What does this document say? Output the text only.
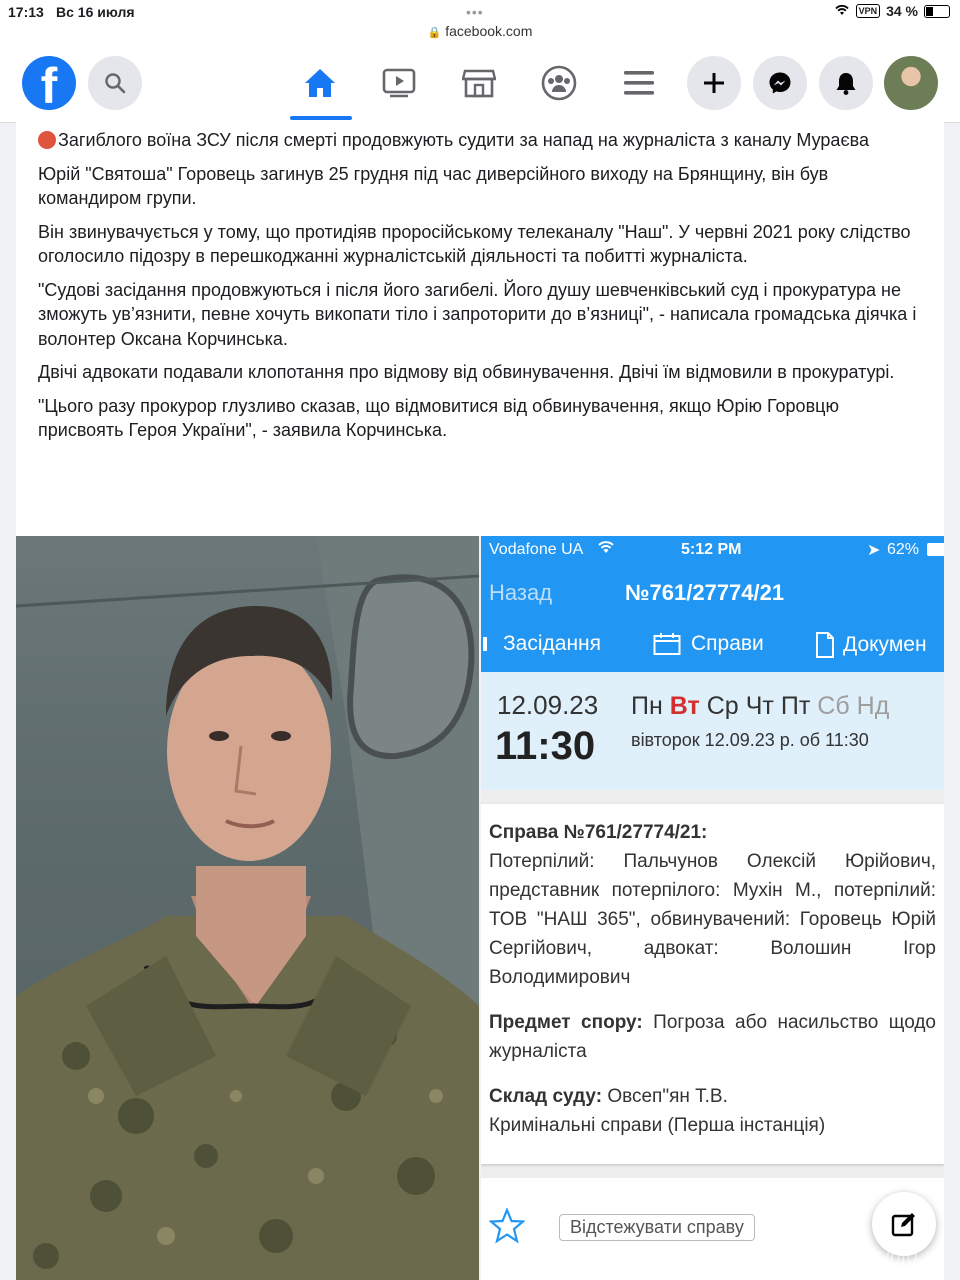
17:13 Вс 16 июля	•••
🔒 facebook.com
VPN 34 %
f

Загиблого воїна ЗСУ після смерті продовжують судити за напад на журналіста з каналу Мураєва

Юрій "Святоша" Горовець загинув 25 грудня під час диверсійного виходу на Брянщину, він був командиром групи.

Він звинувачується у тому, що протидіяв проросійському телеканалу "Наш". У червні 2021 року слідство оголосило підозру в перешкоджанні журналістській діяльності та побитті журналіста.

"Судові засідання продовжуються і після його загибелі. Його душу шевченківський суд і прокуратура не зможуть ув’язнити, певне хочуть викопати тіло і запроторити до в’язниці", - написала громадська діячка і волонтер Оксана Корчинська.

Двічі адвокати подавали клопотання про відмову від обвинувачення. Двічі їм відмовили в прокуратурі.

"Цього разу прокурор глузливо сказав, що відмовитися від обвинувачення, якщо Юрію Горовцю присвоять Героя України", - заявила Корчинська.

Vodafone UA	5:12 PM	➤ 62%
Назад	№761/27774/21
Засідання	Справи	Докумен
12.09.23
11:30
Пн Вт Ср Чт Пт Сб Нд
вівторок 12.09.23 р. об 11:30

Справа №761/27774/21:

Потерпілий: Пальчунов Олексій Юрійович, представник потерпілого: Мухін М., потерпілий: ТОВ "НАШ 365", обвинувачений: Горовець Юрій Сергійович, адвокат: Волошин Ігор Володимирович

Предмет спору: Погроза або насильство щодо журналіста

Склад суду: Овсеп"ян Т.В.

Кримінальні справи (Перша інстанція)

Відстежувати справу
bigmir.info
